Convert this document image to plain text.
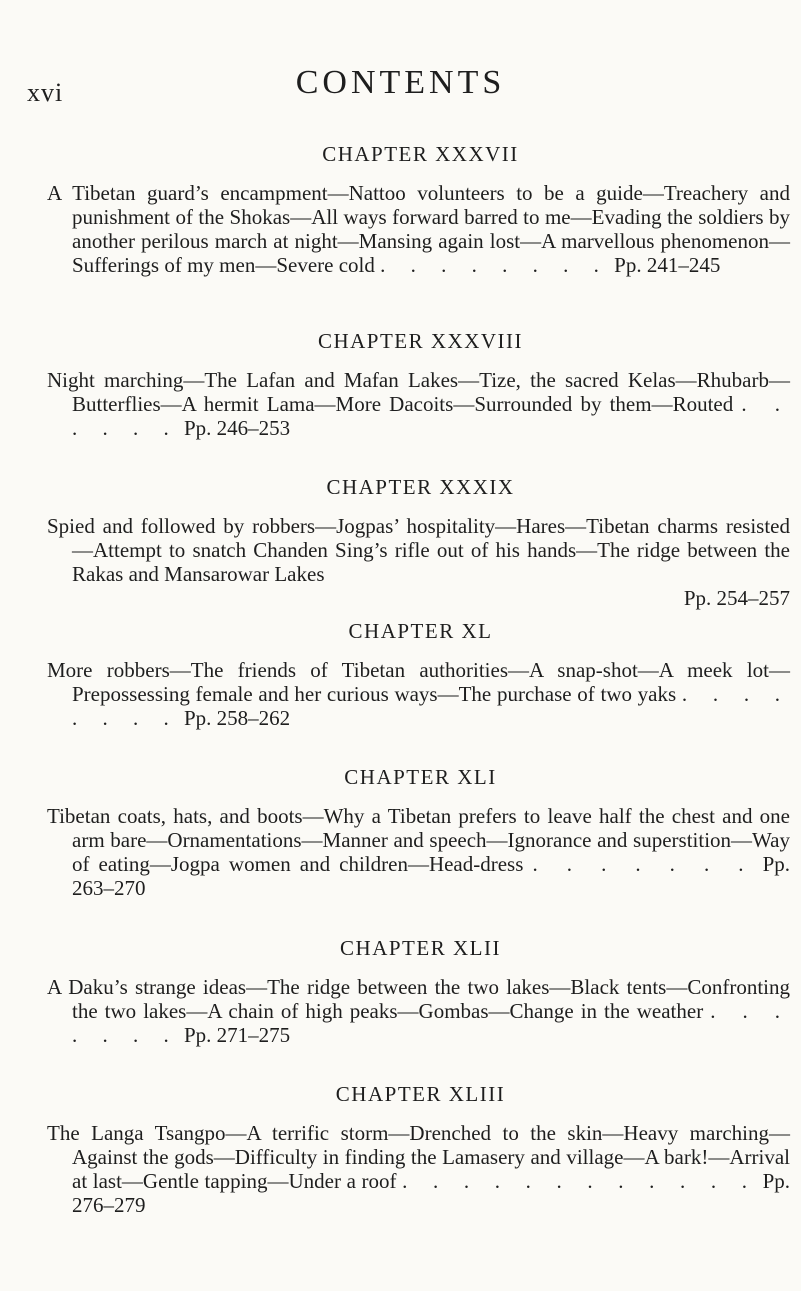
xvi	CONTENTS
CHAPTER XXXVII
A Tibetan guard’s encampment—Nattoo volunteers to be a guide—Treachery and punishment of the Shokas—All ways forward barred to me—Evading the soldiers by another perilous march at night—Mansing again lost—A marvellous phenomenon—Sufferings of my men—Severe cold . . . . . . . . Pp. 241–245
CHAPTER XXXVIII
Night marching—The Lafan and Mafan Lakes—Tize, the sacred Kelas—Rhubarb—Butterflies—A hermit Lama—More Dacoits—Surrounded by them—Routed . . . . . . Pp. 246–253
CHAPTER XXXIX
Spied and followed by robbers—Jogpas’ hospitality—Hares—Tibetan charms resisted—Attempt to snatch Chanden Sing’s rifle out of his hands—The ridge between the Rakas and Mansarowar Lakes
Pp. 254–257
CHAPTER XL
More robbers—The friends of Tibetan authorities—A snap-shot—A meek lot—Prepossessing female and her curious ways—The purchase of two yaks . . . . . . . . Pp. 258–262
CHAPTER XLI
Tibetan coats, hats, and boots—Why a Tibetan prefers to leave half the chest and one arm bare—Ornamentations—Manner and speech—Ignorance and superstition—Way of eating—Jogpa women and children—Head-dress . . . . . . . Pp. 263–270
CHAPTER XLII
A Daku’s strange ideas—The ridge between the two lakes—Black tents—Confronting the two lakes—A chain of high peaks—Gombas—Change in the weather . . . . . . . Pp. 271–275
CHAPTER XLIII
The Langa Tsangpo—A terrific storm—Drenched to the skin—Heavy marching—Against the gods—Difficulty in finding the Lamasery and village—A bark!—Arrival at last—Gentle tapping—Under a roof . . . . . . . . . . . . Pp. 276–279
